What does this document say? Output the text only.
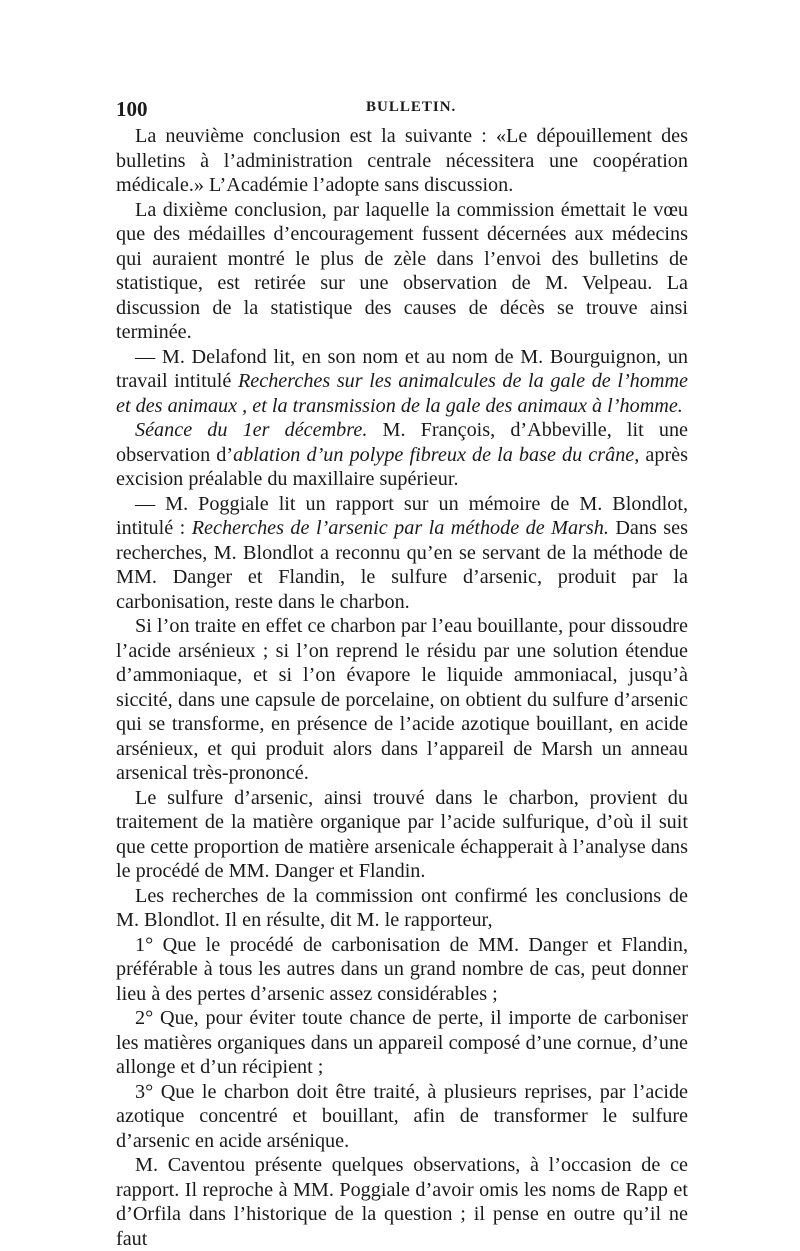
100	BULLETIN.

La neuvième conclusion est la suivante : «Le dépouillement des bulletins à l’administration centrale nécessitera une coopération médicale.» L’Académie l’adopte sans discussion.

La dixième conclusion, par laquelle la commission émettait le vœu que des médailles d’encouragement fussent décernées aux médecins qui auraient montré le plus de zèle dans l’envoi des bulletins de statistique, est retirée sur une observation de M. Velpeau. La discussion de la statistique des causes de décès se trouve ainsi terminée.

— M. Delafond lit, en son nom et au nom de M. Bourguignon, un travail intitulé Recherches sur les animalcules de la gale de l’homme et des animaux , et la transmission de la gale des animaux à l’homme.

Séance du 1er décembre. M. François, d’Abbeville, lit une observation d’ablation d’un polype fibreux de la base du crâne, après excision préalable du maxillaire supérieur.

— M. Poggiale lit un rapport sur un mémoire de M. Blondlot, intitulé : Recherches de l’arsenic par la méthode de Marsh. Dans ses recherches, M. Blondlot a reconnu qu’en se servant de la méthode de MM. Danger et Flandin, le sulfure d’arsenic, produit par la carbonisation, reste dans le charbon.

Si l’on traite en effet ce charbon par l’eau bouillante, pour dissoudre l’acide arsénieux ; si l’on reprend le résidu par une solution étendue d’ammoniaque, et si l’on évapore le liquide ammoniacal, jusqu’à siccité, dans une capsule de porcelaine, on obtient du sulfure d’arsenic qui se transforme, en présence de l’acide azotique bouillant, en acide arsénieux, et qui produit alors dans l’appareil de Marsh un anneau arsenical très-prononcé.

Le sulfure d’arsenic, ainsi trouvé dans le charbon, provient du traitement de la matière organique par l’acide sulfurique, d’où il suit que cette proportion de matière arsenicale échapperait à l’analyse dans le procédé de MM. Danger et Flandin.

Les recherches de la commission ont confirmé les conclusions de M. Blondlot. Il en résulte, dit M. le rapporteur,

1° Que le procédé de carbonisation de MM. Danger et Flandin, préférable à tous les autres dans un grand nombre de cas, peut donner lieu à des pertes d’arsenic assez considérables ;

2° Que, pour éviter toute chance de perte, il importe de carboniser les matières organiques dans un appareil composé d’une cornue, d’une allonge et d’un récipient ;

3° Que le charbon doit être traité, à plusieurs reprises, par l’acide azotique concentré et bouillant, afin de transformer le sulfure d’arsenic en acide arsénique.

M. Caventou présente quelques observations, à l’occasion de ce rapport. Il reproche à MM. Poggiale d’avoir omis les noms de Rapp et d’Orfila dans l’historique de la question ; il pense en outre qu’il ne faut
